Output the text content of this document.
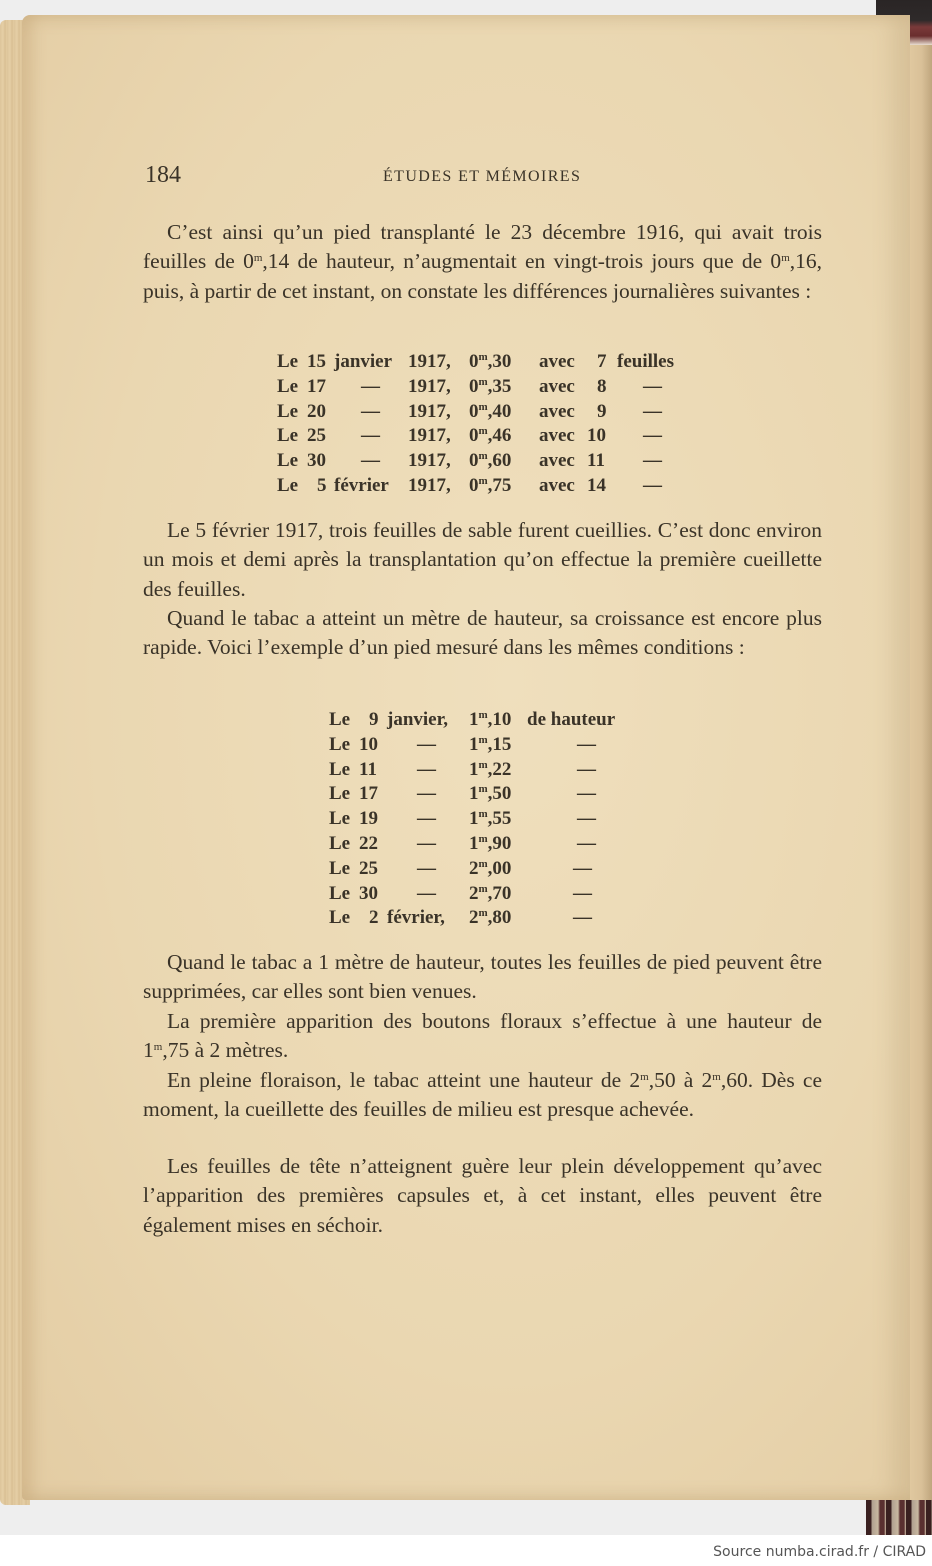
184	ÉTUDES ET MÉMOIRES
C’est ainsi qu’un pied transplanté le 23 décembre 1916, qui avait trois feuilles de 0$^m$,14 de hauteur, n’augmentait en vingt-trois jours que de 0$^m$,16, puis, à partir de cet instant, on constate les différences journalières suivantes :
Le 15 janvier 1917, 0$^m$,30 avec 7 feuilles
Le 17 — 1917, 0$^m$,35 avec 8 —
Le 20 — 1917, 0$^m$,40 avec 9 —
Le 25 — 1917, 0$^m$,46 avec 10 —
Le 30 — 1917, 0$^m$,60 avec 11 —
Le 5 février 1917, 0$^m$,75 avec 14 —
Le 5 février 1917, trois feuilles de sable furent cueillies. C’est donc environ un mois et demi après la transplantation qu’on effectue la première cueillette des feuilles.
Quand le tabac a atteint un mètre de hauteur, sa croissance est encore plus rapide. Voici l’exemple d’un pied mesuré dans les mêmes conditions :
Le 9 janvier, 1$^m$,10 de hauteur
Le 10 — 1$^m$,15	—
Le 11 — 1$^m$,22	—
Le 17 — 1$^m$,50	—
Le 19 — 1$^m$,55	—
Le 22 — 1$^m$,90	—
Le 25 — 2$^m$,00	—
Le 30 — 2$^m$,70	—
Le 2 février, 2$^m$,80	—
Quand le tabac a 1 mètre de hauteur, toutes les feuilles de pied peuvent être supprimées, car elles sont bien venues.
La première apparition des boutons floraux s’effectue à une hauteur de 1$^m$,75 à 2 mètres.
En pleine floraison, le tabac atteint une hauteur de 2$^m$,50 à 2$^m$,60. Dès ce moment, la cueillette des feuilles de milieu est presque achevée.
Les feuilles de tête n’atteignent guère leur plein développement qu’avec l’apparition des premières capsules et, à cet instant, elles peuvent être également mises en séchoir.
Source numba.cirad.fr / CIRAD
